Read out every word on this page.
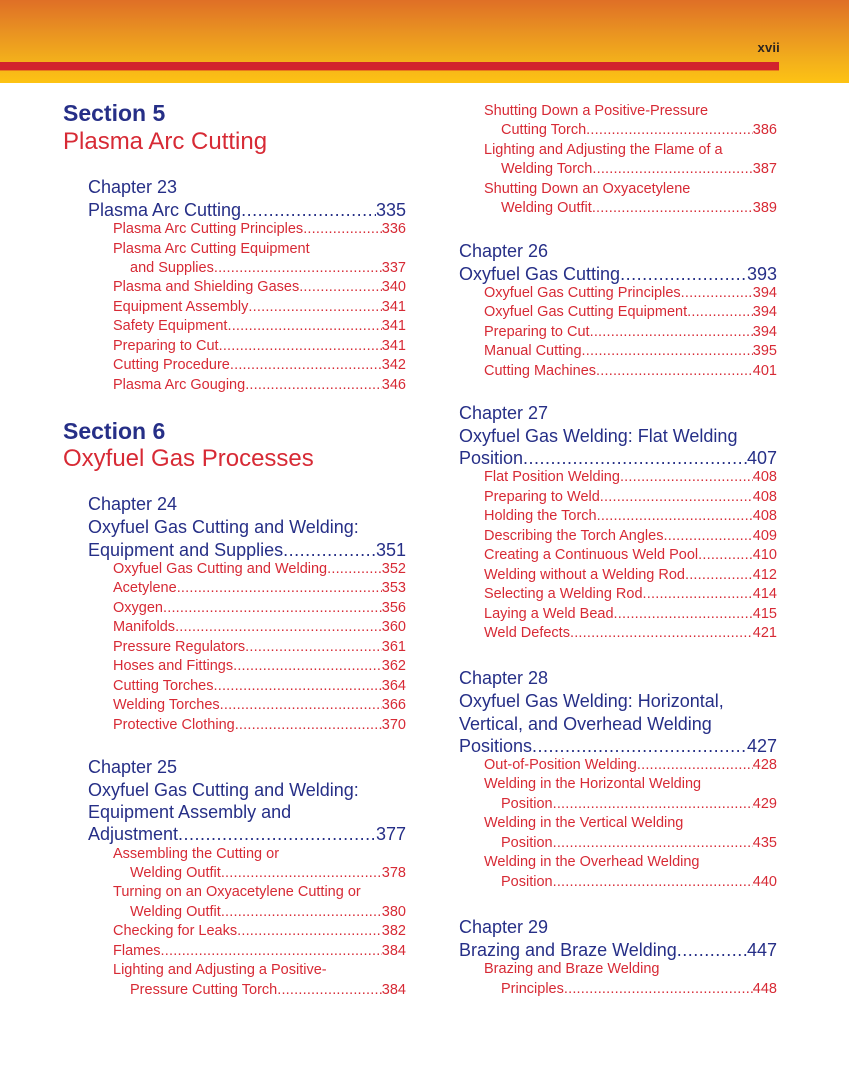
xvii
Section 5
Plasma Arc Cutting
Chapter 23
Plasma Arc Cutting .....	335
Plasma Arc Cutting Principles .....	336
Plasma Arc Cutting Equipment
and Supplies .....	337
Plasma and Shielding Gases .....	340
Equipment Assembly .....	341
Safety Equipment .....	341
Preparing to Cut .....	341
Cutting Procedure .....	342
Plasma Arc Gouging .....	346
Section 6
Oxyfuel Gas Processes
Chapter 24
Oxyfuel Gas Cutting and Welding:
Equipment and Supplies .....	351
Oxyfuel Gas Cutting and Welding .....	352
Acetylene .....	353
Oxygen .....	356
Manifolds .....	360
Pressure Regulators .....	361
Hoses and Fittings .....	362
Cutting Torches .....	364
Welding Torches .....	366
Protective Clothing .....	370
Chapter 25
Oxyfuel Gas Cutting and Welding:
Equipment Assembly and
Adjustment .....	377
Assembling the Cutting or
Welding Outfit .....	378
Turning on an Oxyacetylene Cutting or
Welding Outfit .....	380
Checking for Leaks .....	382
Flames .....	384
Lighting and Adjusting a Positive-
Pressure Cutting Torch .....	384
Shutting Down a Positive-Pressure
Cutting Torch .....	386
Lighting and Adjusting the Flame of a
Welding Torch .....	387
Shutting Down an Oxyacetylene
Welding Outfit .....	389
Chapter 26
Oxyfuel Gas Cutting .....	393
Oxyfuel Gas Cutting Principles .....	394
Oxyfuel Gas Cutting Equipment .....	394
Preparing to Cut .....	394
Manual Cutting .....	395
Cutting Machines .....	401
Chapter 27
Oxyfuel Gas Welding: Flat Welding
Position .....	407
Flat Position Welding .....	408
Preparing to Weld .....	408
Holding the Torch .....	408
Describing the Torch Angles .....	409
Creating a Continuous Weld Pool .....	410
Welding without a Welding Rod .....	412
Selecting a Welding Rod .....	414
Laying a Weld Bead .....	415
Weld Defects .....	421
Chapter 28
Oxyfuel Gas Welding: Horizontal,
Vertical, and Overhead Welding
Positions .....	427
Out-of-Position Welding .....	428
Welding in the Horizontal Welding
Position .....	429
Welding in the Vertical Welding
Position .....	435
Welding in the Overhead Welding
Position .....	440
Chapter 29
Brazing and Braze Welding .....	447
Brazing and Braze Welding
Principles .....	448
